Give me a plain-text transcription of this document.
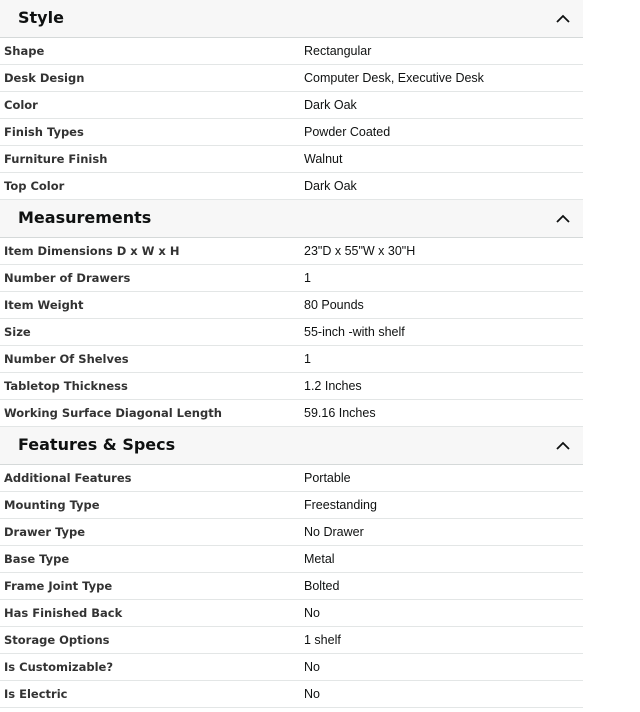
Style
Shape	Rectangular
Desk Design	Computer Desk, Executive Desk
Color	Dark Oak
Finish Types	Powder Coated
Furniture Finish	Walnut
Top Color	Dark Oak
Measurements
Item Dimensions D x W x H	23"D x 55"W x 30"H
Number of Drawers	1
Item Weight	80 Pounds
Size	55-inch -with shelf
Number Of Shelves	1
Tabletop Thickness	1.2 Inches
Working Surface Diagonal Length	59.16 Inches
Features & Specs
Additional Features	Portable
Mounting Type	Freestanding
Drawer Type	No Drawer
Base Type	Metal
Frame Joint Type	Bolted
Has Finished Back	No
Storage Options	1 shelf
Is Customizable?	No
Is Electric	No
